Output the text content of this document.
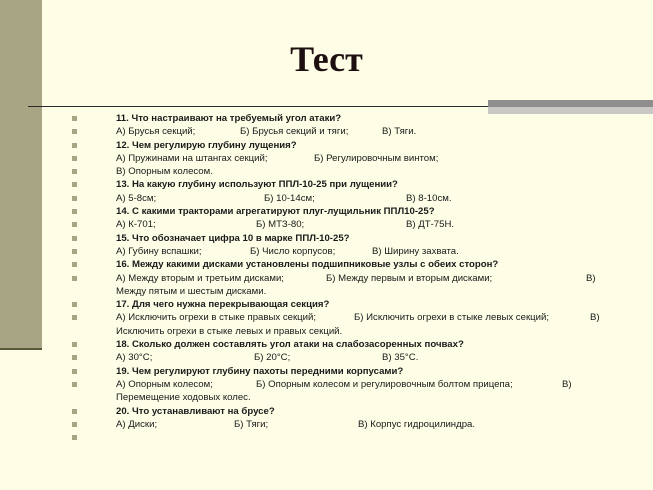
Тест
11. Что настраивают на требуемый угол атаки?
А) Брусья секций;	Б) Брусья секций и тяги;	В) Тяги.
12. Чем регулирую глубину лущения?
А) Пружинами на штангах секций;	Б) Регулировочным винтом;
В) Опорным колесом.
13. На какую глубину используют ППЛ-10-25 при лущении?
А) 5-8см;	Б) 10-14см;	В) 8-10см.
14. С какими тракторами агрегатируют плуг-лущильник ППЛ10-25?
А) К-701;	Б) МТЗ-80;	В) ДТ-75Н.
15. Что обозначает цифра 10 в марке ППЛ-10-25?
А) Губину вспашки;	Б) Число корпусов;	В) Ширину захвата.
16. Между какими дисками установлены подшипниковые узлы с обеих сторон?
А) Между вторым и третьим дисками;	Б) Между первым и вторым дисками;	В)
Между пятым и шестым дисками.
17. Для чего нужна перекрывающая секция?
А) Исключить огрехи в стыке правых секций;	Б) Исключить огрехи в стыке левых секций;	В)
Исключить огрехи в стыке левых и правых секций.
18. Сколько должен составлять угол атаки на слабозасоренных почвах?
А) 30°С;	Б) 20°С;	В) 35°С.
19. Чем регулируют глубину пахоты передними корпусами?
А) Опорным колесом;	Б) Опорным колесом и регулировочным болтом прицепа;	В)
Перемещение ходовых колес.
20. Что устанавливают на брусе?
А) Диски;	Б) Тяги;	В) Корпус гидроцилиндра.
